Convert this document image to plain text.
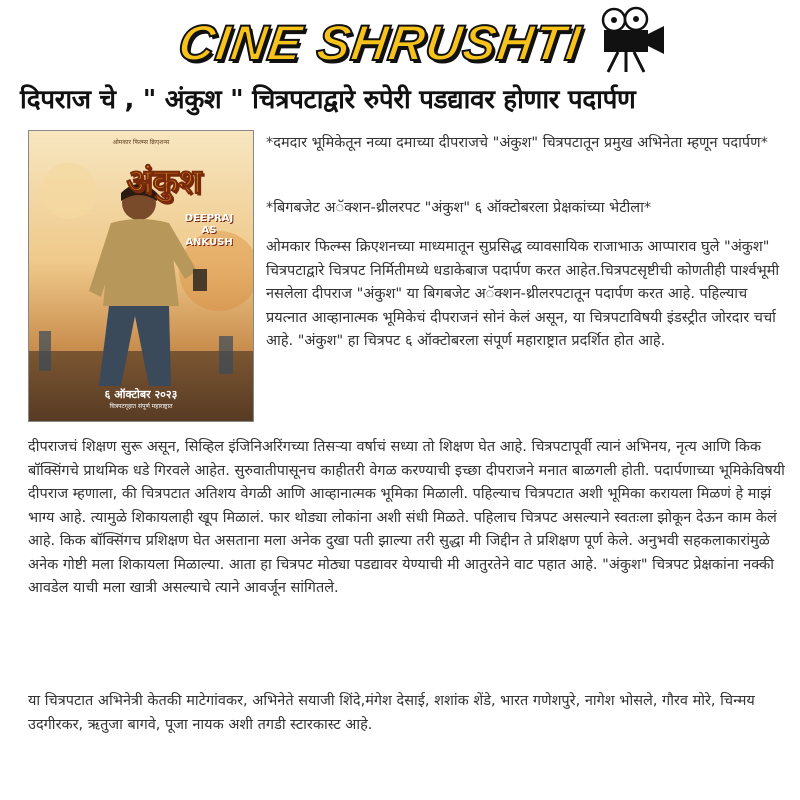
CINE SHRUSHTI
दिपराज चे , " अंकुश " चित्रपटाद्वारे रुपेरी पडद्यावर होणार पदार्पण
ओमकार फिल्म्स क्रिएशन्स
अंकुश
DEEPRAJ
AS
ANKUSH
६ ऑक्टोबर २०२३
चित्रपटगृहात संपूर्ण महाराष्ट्रात
*दमदार भूमिकेतून नव्या दमाच्या दीपराजचे "अंकुश" चित्रपटातून प्रमुख अभिनेता म्हणून पदार्पण*
*बिगबजेट अॅक्शन-थ्रीलरपट "अंकुश" ६ ऑक्टोबरला प्रेक्षकांच्या भेटीला*
ओमकार फिल्म्स क्रिएशनच्या माध्यमातून सुप्रसिद्ध व्यावसायिक राजाभाऊ आप्पाराव घुले "अंकुश" चित्रपटाद्वारे चित्रपट निर्मितीमध्ये धडाकेबाज पदार्पण करत आहेत.चित्रपटसृष्टीची कोणतीही पार्श्वभूमी नसलेला दीपराज "अंकुश" या बिगबजेट अॅक्शन-थ्रीलरपटातून पदार्पण करत आहे. पहिल्याच प्रयत्नात आव्हानात्मक भूमिकेचं दीपराजनं सोनं केलं असून, या चित्रपटाविषयी इंडस्ट्रीत जोरदार चर्चा आहे. "अंकुश" हा चित्रपट ६ ऑक्टोबरला संपूर्ण महाराष्ट्रात प्रदर्शित होत आहे.
दीपराजचं शिक्षण सुरू असून, सिव्हिल इंजिनिअरिंगच्या तिसऱ्या वर्षाचं सध्या तो शिक्षण घेत आहे. चित्रपटापूर्वी त्यानं अभिनय, नृत्य आणि किक बॉक्सिंगचे प्राथमिक धडे गिरवले आहेत. सुरुवातीपासूनच काहीतरी वेगळ करण्याची इच्छा दीपराजने मनात बाळगली होती. पदार्पणाच्या भूमिकेविषयी दीपराज म्हणाला, की चित्रपटात अतिशय वेगळी आणि आव्हानात्मक भूमिका मिळाली. पहिल्याच चित्रपटात अशी भूमिका करायला मिळणं हे माझं भाग्य आहे. त्यामुळे शिकायलाही खूप मिळालं. फार थोड्या लोकांना अशी संधी मिळते. पहिलाच चित्रपट असल्याने स्वतःला झोकून देऊन काम केलं आहे. किक बॉक्सिंगच प्रशिक्षण घेत असताना मला अनेक दुखा पती झाल्या तरी सुद्धा मी जिद्दीन ते प्रशिक्षण पूर्ण केले. अनुभवी सहकलाकारांमुळे अनेक गोष्टी मला शिकायला मिळाल्या. आता हा चित्रपट मोठ्या पडद्यावर येण्याची मी आतुरतेने वाट पहात आहे. "अंकुश" चित्रपट प्रेक्षकांना नक्की आवडेल याची मला खात्री असल्याचे त्याने आवर्जून सांगितले.
या चित्रपटात अभिनेत्री केतकी माटेगांवकर, अभिनेते सयाजी शिंदे,मंगेश देसाई, शशांक शेंडे, भारत गणेशपुरे, नागेश भोसले, गौरव मोरे, चिन्मय उदगीरकर, ऋतुजा बागवे, पूजा नायक अशी तगडी स्टारकास्ट आहे.
